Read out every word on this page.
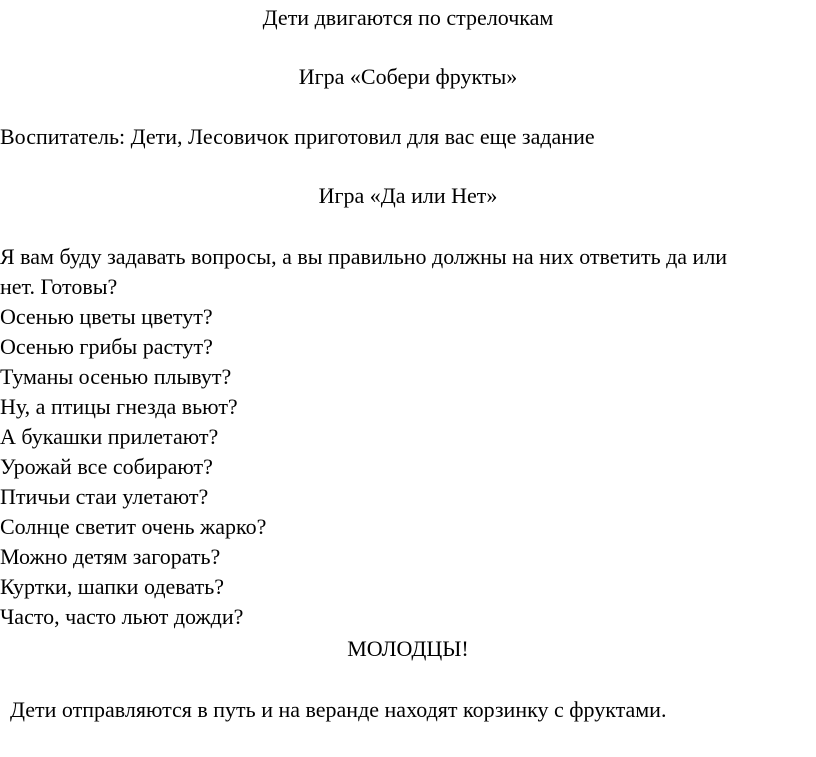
Дети двигаются по стрелочкам

Игра «Собери фрукты»

Воспитатель: Дети, Лесовичок приготовил для вас еще задание

Игра «Да или Нет»

Я вам буду задавать вопросы, а вы правильно должны на них ответить да или

нет. Готовы?

Осенью цветы цветут?

Осенью грибы растут?

Туманы осенью плывут?

Ну, а птицы гнезда вьют?

А букашки прилетают?

Урожай все собирают?

Птичьи стаи улетают?

Солнце светит очень жарко?

Можно детям загорать?

Куртки, шапки одевать?

Часто, часто льют дожди?

МОЛОДЦЫ!

Дети отправляются в путь и на веранде находят корзинку с фруктами.
